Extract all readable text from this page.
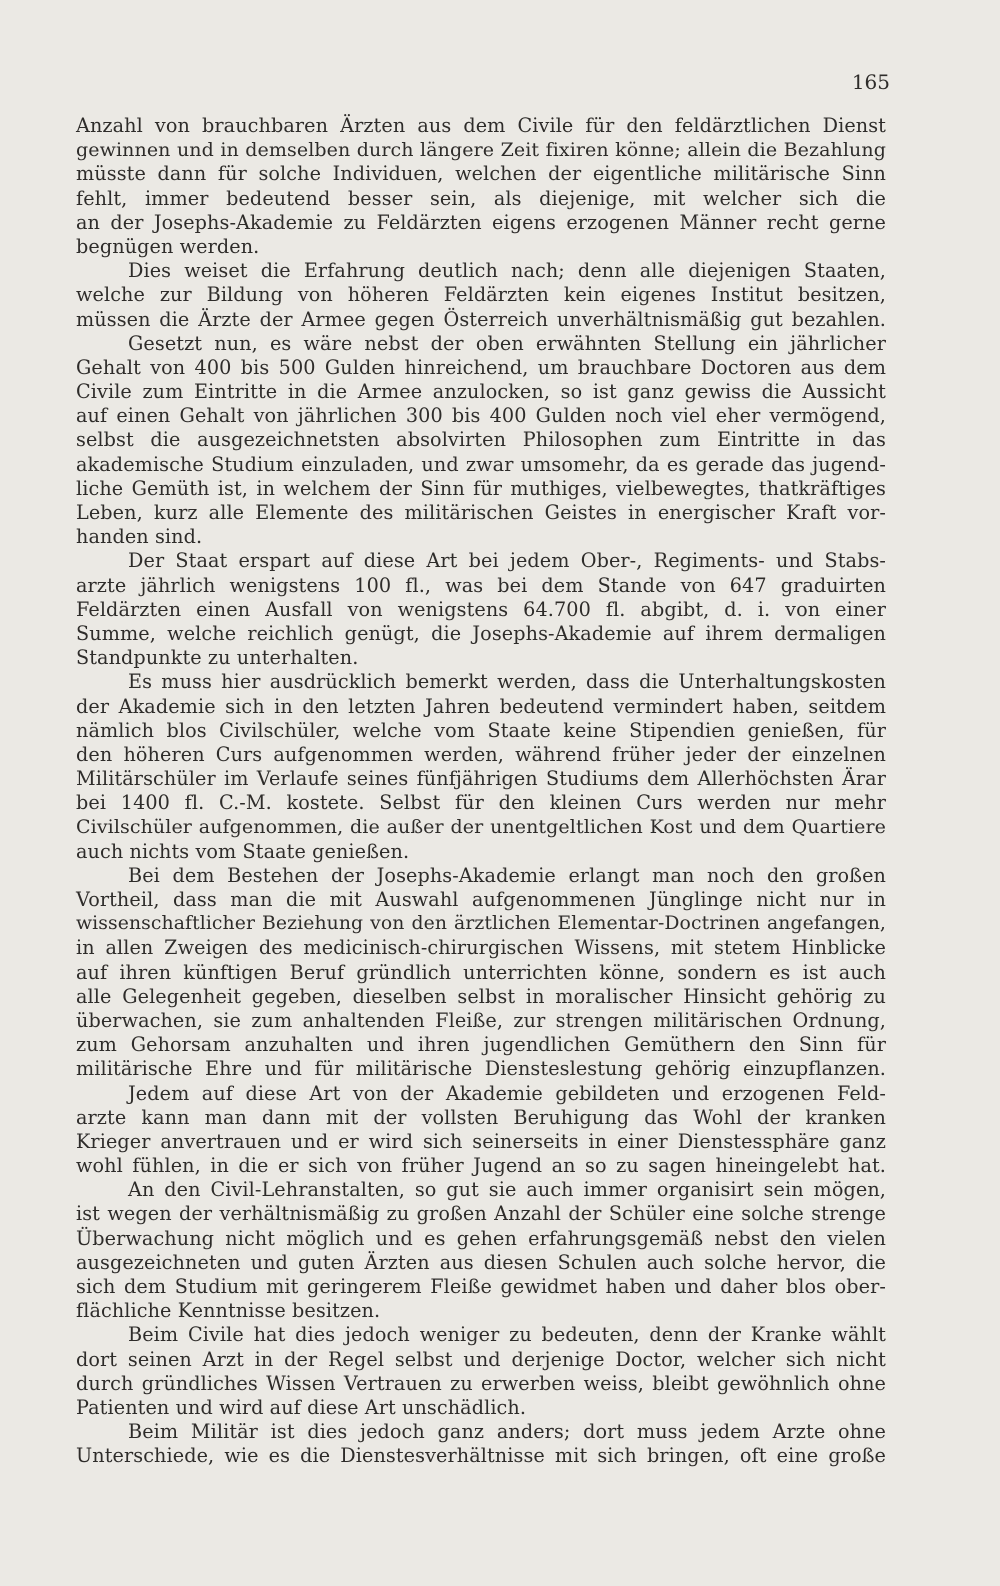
165
Anzahl von brauchbaren Ärzten aus dem Civile für den feldärztlichen Dienst
gewinnen und in demselben durch längere Zeit fixiren könne; allein die Bezahlung
müsste dann für solche Individuen, welchen der eigentliche militärische Sinn
fehlt, immer bedeutend besser sein, als diejenige, mit welcher sich die
an der Josephs-Akademie zu Feldärzten eigens erzogenen Männer recht gerne
begnügen werden.
Dies weiset die Erfahrung deutlich nach; denn alle diejenigen Staaten,
welche zur Bildung von höheren Feldärzten kein eigenes Institut besitzen,
müssen die Ärzte der Armee gegen Österreich unverhältnismäßig gut bezahlen.
Gesetzt nun, es wäre nebst der oben erwähnten Stellung ein jährlicher
Gehalt von 400 bis 500 Gulden hinreichend, um brauchbare Doctoren aus dem
Civile zum Eintritte in die Armee anzulocken, so ist ganz gewiss die Aussicht
auf einen Gehalt von jährlichen 300 bis 400 Gulden noch viel eher vermögend,
selbst die ausgezeichnetsten absolvirten Philosophen zum Eintritte in das
akademische Studium einzuladen, und zwar umsomehr, da es gerade das jugend-
liche Gemüth ist, in welchem der Sinn für muthiges, vielbewegtes, thatkräftiges
Leben, kurz alle Elemente des militärischen Geistes in energischer Kraft vor-
handen sind.
Der Staat erspart auf diese Art bei jedem Ober-, Regiments- und Stabs-
arzte jährlich wenigstens 100 fl., was bei dem Stande von 647 graduirten
Feldärzten einen Ausfall von wenigstens 64.700 fl. abgibt, d. i. von einer
Summe, welche reichlich genügt, die Josephs-Akademie auf ihrem dermaligen
Standpunkte zu unterhalten.
Es muss hier ausdrücklich bemerkt werden, dass die Unterhaltungskosten
der Akademie sich in den letzten Jahren bedeutend vermindert haben, seitdem
nämlich blos Civilschüler, welche vom Staate keine Stipendien genießen, für
den höheren Curs aufgenommen werden, während früher jeder der einzelnen
Militärschüler im Verlaufe seines fünfjährigen Studiums dem Allerhöchsten Ärar
bei 1400 fl. C.-M. kostete. Selbst für den kleinen Curs werden nur mehr
Civilschüler aufgenommen, die außer der unentgeltlichen Kost und dem Quartiere
auch nichts vom Staate genießen.
Bei dem Bestehen der Josephs-Akademie erlangt man noch den großen
Vortheil, dass man die mit Auswahl aufgenommenen Jünglinge nicht nur in
wissenschaftlicher Beziehung von den ärztlichen Elementar-Doctrinen angefangen,
in allen Zweigen des medicinisch-chirurgischen Wissens, mit stetem Hinblicke
auf ihren künftigen Beruf gründlich unterrichten könne, sondern es ist auch
alle Gelegenheit gegeben, dieselben selbst in moralischer Hinsicht gehörig zu
überwachen, sie zum anhaltenden Fleiße, zur strengen militärischen Ordnung,
zum Gehorsam anzuhalten und ihren jugendlichen Gemüthern den Sinn für
militärische Ehre und für militärische Diensteslestung gehörig einzupflanzen.
Jedem auf diese Art von der Akademie gebildeten und erzogenen Feld-
arzte kann man dann mit der vollsten Beruhigung das Wohl der kranken
Krieger anvertrauen und er wird sich seinerseits in einer Dienstessphäre ganz
wohl fühlen, in die er sich von früher Jugend an so zu sagen hineingelebt hat.
An den Civil-Lehranstalten, so gut sie auch immer organisirt sein mögen,
ist wegen der verhältnismäßig zu großen Anzahl der Schüler eine solche strenge
Überwachung nicht möglich und es gehen erfahrungsgemäß nebst den vielen
ausgezeichneten und guten Ärzten aus diesen Schulen auch solche hervor, die
sich dem Studium mit geringerem Fleiße gewidmet haben und daher blos ober-
flächliche Kenntnisse besitzen.
Beim Civile hat dies jedoch weniger zu bedeuten, denn der Kranke wählt
dort seinen Arzt in der Regel selbst und derjenige Doctor, welcher sich nicht
durch gründliches Wissen Vertrauen zu erwerben weiss, bleibt gewöhnlich ohne
Patienten und wird auf diese Art unschädlich.
Beim Militär ist dies jedoch ganz anders; dort muss jedem Arzte ohne
Unterschiede, wie es die Dienstesverhältnisse mit sich bringen, oft eine große
